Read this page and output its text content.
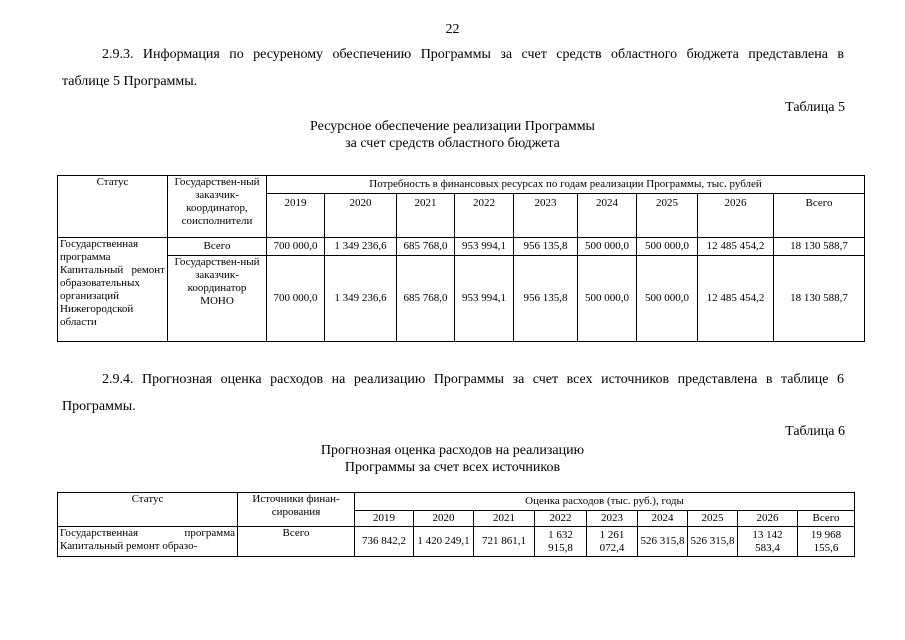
22
2.9.3. Информация по ресуреному обеспечению Программы за счет средств областного бюджета представлена в
таблице 5 Программы.
Таблица 5
Ресурсное обеспечение реализации Программы
за счет средств областного бюджета
Статус	Государствен-ный заказчик-координатор, соисполнители	Потребность в финансовых ресурсах по годам реализации Программы, тыс. рублей								
		2019	2020	2021	2022	2023	2024	2025	2026	Всего
Государственная программа Капитальный ремонт образовательных организаций Нижегородской области	Всего	700 000,0	1 349 236,6	685 768,0	953 994,1	956 135,8	500 000,0	500 000,0	12 485 454,2	18 130 588,7
	Государствен-ный заказчик-координатор МОНО	700 000,0	1 349 236,6	685 768,0	953 994,1	956 135,8	500 000,0	500 000,0	12 485 454,2	18 130 588,7
2.9.4. Прогнозная оценка расходов на реализацию Программы за счет всех источников представлена в таблице 6
Программы.
Таблица 6
Прогнозная оценка расходов на реализацию
Программы за счет всех источников
Статус	Источники финан-сирования	Оценка расходов (тыс. руб.), годы								
		2019	2020	2021	2022	2023	2024	2025	2026	Всего
Государственная программа Капитальный ремонт образо-	Всего	736 842,2	1 420 249,1	721 861,1	1 632 915,8	1 261 072,4	526 315,8	526 315,8	13 142 583,4	19 968 155,6
